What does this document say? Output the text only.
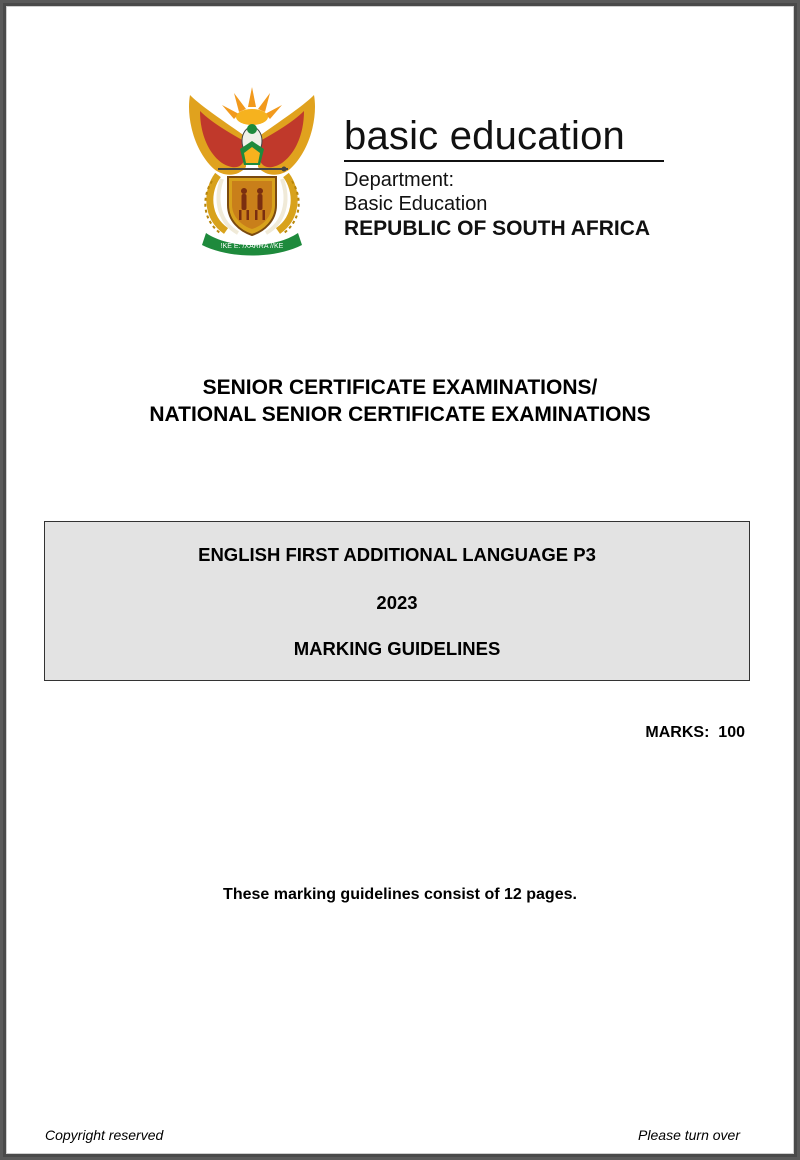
!KE E: /XARRA //KE
basic education
Department:
Basic Education
REPUBLIC OF SOUTH AFRICA
SENIOR CERTIFICATE EXAMINATIONS/
NATIONAL SENIOR CERTIFICATE EXAMINATIONS
ENGLISH FIRST ADDITIONAL LANGUAGE P3
2023
MARKING GUIDELINES
MARKS:  100
These marking guidelines consist of 12 pages.
Copyright reserved	Please turn over
